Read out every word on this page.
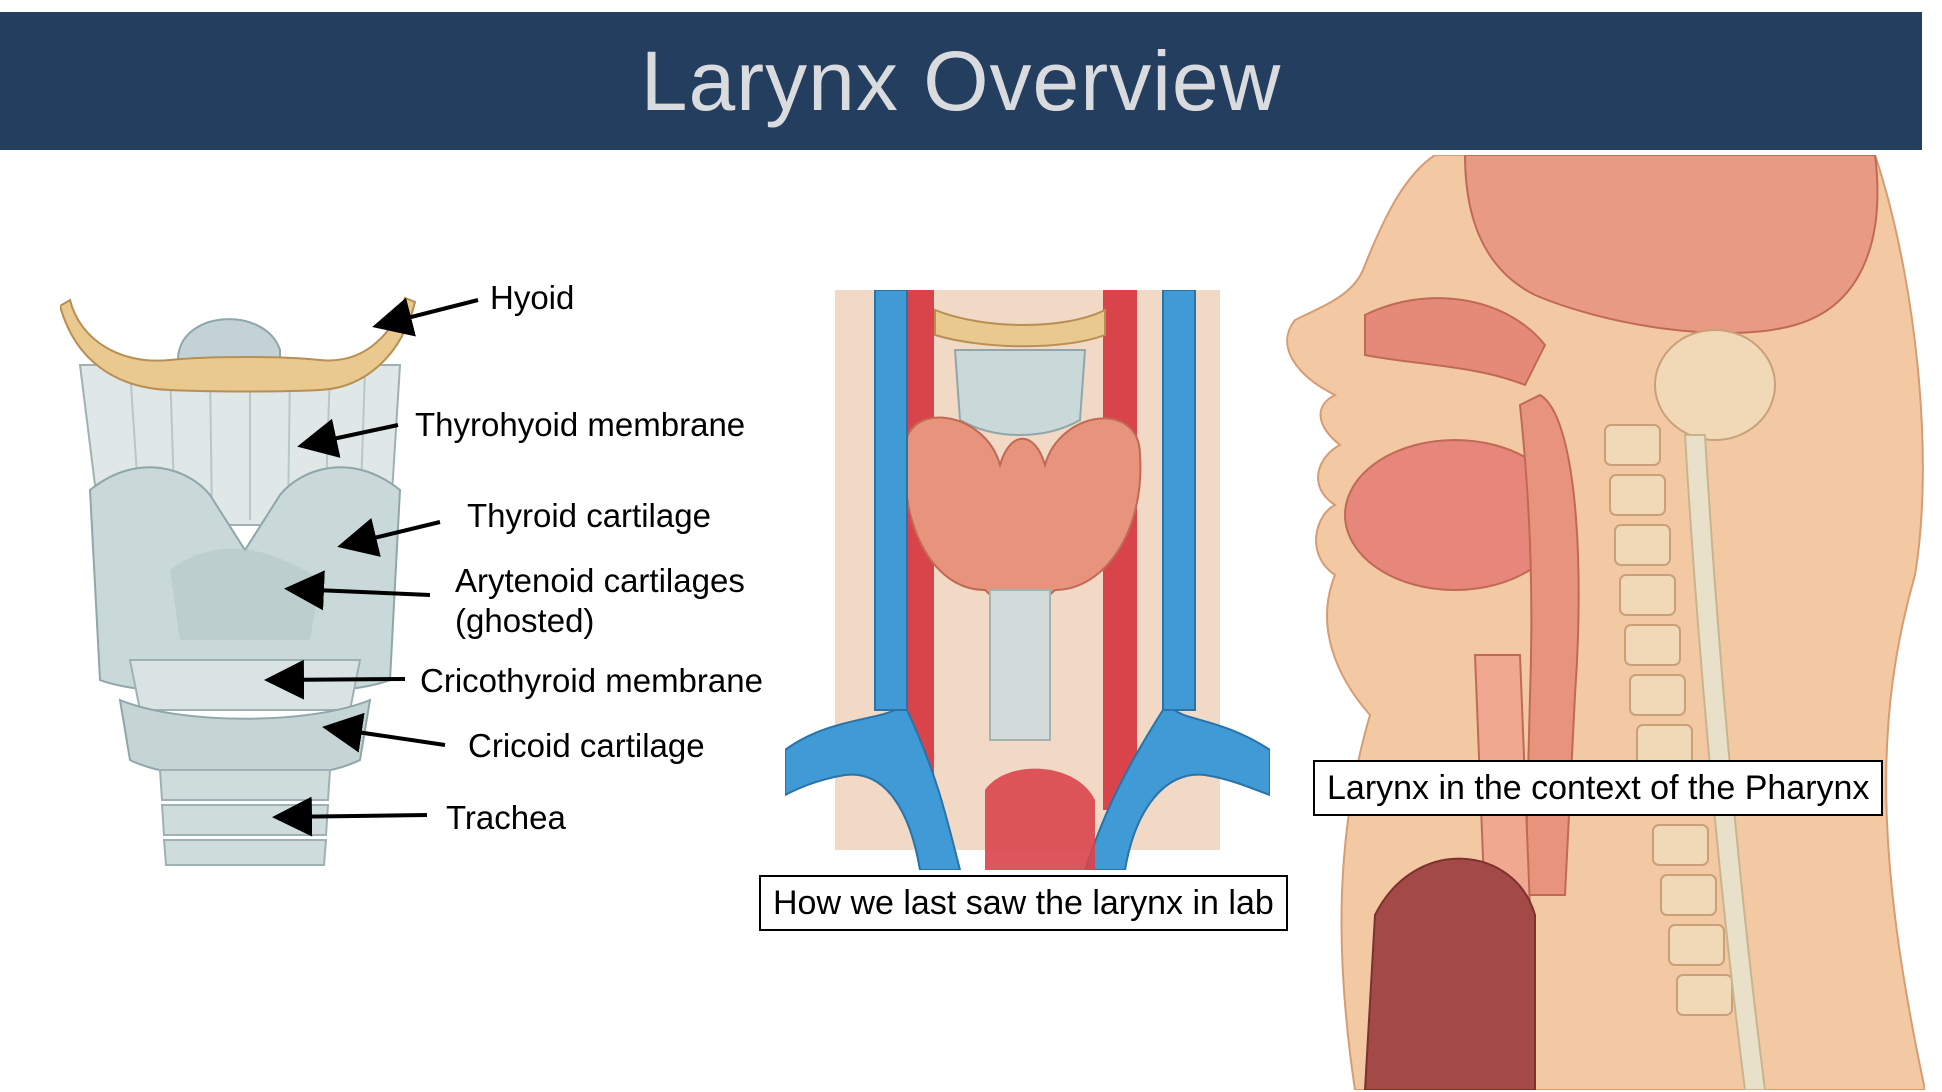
Larynx Overview
Hyoid
Thyrohyoid membrane
Thyroid cartilage
Arytenoid cartilages
(ghosted)
Cricothyroid membrane
Cricoid cartilage
Trachea
How we last saw the larynx in lab
Larynx in the context of the Pharynx
